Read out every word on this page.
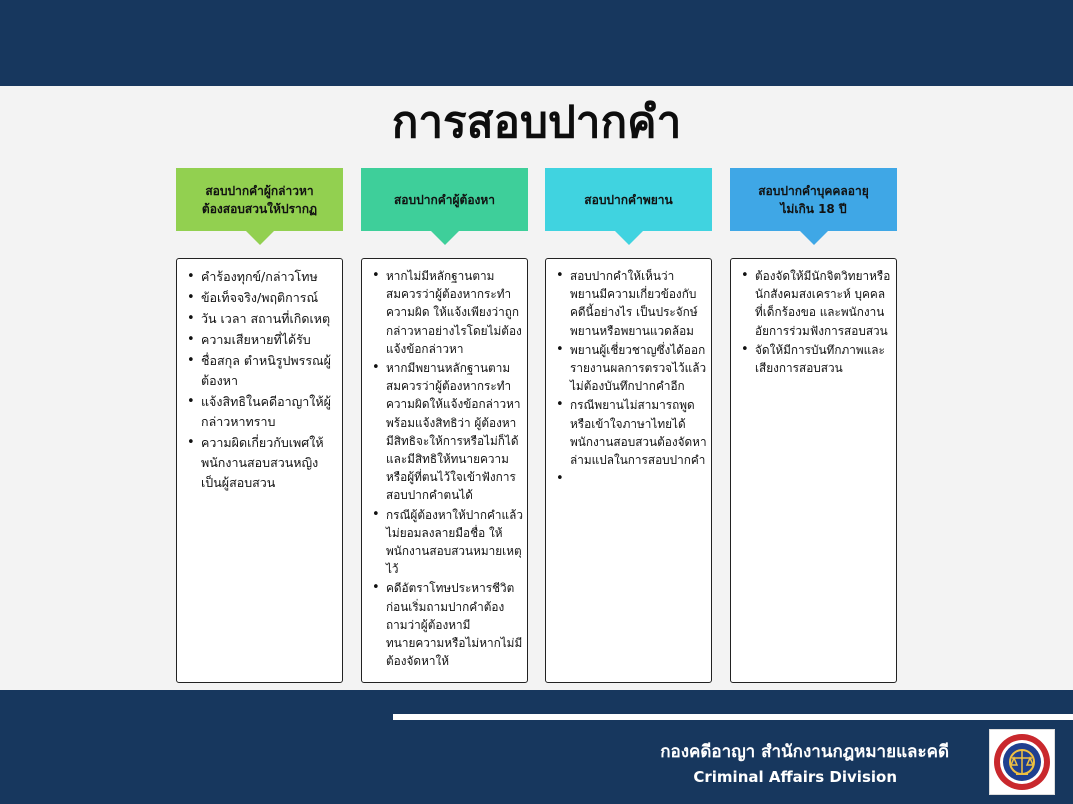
การสอบปากคำ
สอบปากคำผู้กล่าวหา
ต้องสอบสวนให้ปรากฏ
• คำร้องทุกข์/กล่าวโทษ
• ข้อเท็จจริง/พฤติการณ์
• วัน เวลา สถานที่เกิดเหตุ
• ความเสียหายที่ได้รับ
• ชื่อสกุล ตำหนิรูปพรรณผู้ต้องหา
• แจ้งสิทธิในคดีอาญาให้ผู้กล่าวหาทราบ
• ความผิดเกี่ยวกับเพศให้พนักงานสอบสวนหญิงเป็นผู้สอบสวน
สอบปากคำผู้ต้องหา
• หากไม่มีหลักฐานตามสมควรว่าผู้ต้องหากระทำความผิด ให้แจ้งเพียงว่าถูกกล่าวหาอย่างไรโดยไม่ต้องแจ้งข้อกล่าวหา
• หากมีพยานหลักฐานตามสมควรว่าผู้ต้องหากระทำความผิดให้แจ้งข้อกล่าวหาพร้อมแจ้งสิทธิว่า ผู้ต้องหามีสิทธิจะให้การหรือไม่ก็ได้ และมีสิทธิให้ทนายความหรือผู้ที่ตนไว้ใจเข้าฟังการสอบปากคำตนได้
• กรณีผู้ต้องหาให้ปากคำแล้วไม่ยอมลงลายมือชื่อ ให้พนักงานสอบสวนหมายเหตุไว้
• คดีอัตราโทษประหารชีวิต ก่อนเริ่มถามปากคำต้องถามว่าผู้ต้องหามีทนายความหรือไม่หากไม่มีต้องจัดหาให้
สอบปากคำพยาน
• สอบปากคำให้เห็นว่า พยานมีความเกี่ยวข้องกับคดีนี้อย่างไร เป็นประจักษ์พยานหรือพยานแวดล้อม
• พยานผู้เชี่ยวชาญซึ่งได้ออกรายงานผลการตรวจไว้แล้วไม่ต้องบันทึกปากคำอีก
• กรณีพยานไม่สามารถพูดหรือเข้าใจภาษาไทยได้ พนักงานสอบสวนต้องจัดหาล่ามแปลในการสอบปากคำ
•
สอบปากคำบุคคลอายุ
ไม่เกิน 18 ปี
• ต้องจัดให้มีนักจิตวิทยาหรือนักสังคมสงเคราะห์ บุคคลที่เด็กร้องขอ และพนักงานอัยการร่วมฟังการสอบสวน
• จัดให้มีการบันทึกภาพและเสียงการสอบสวน
กองคดีอาญา สำนักงานกฎหมายและคดี
Criminal Affairs Division
